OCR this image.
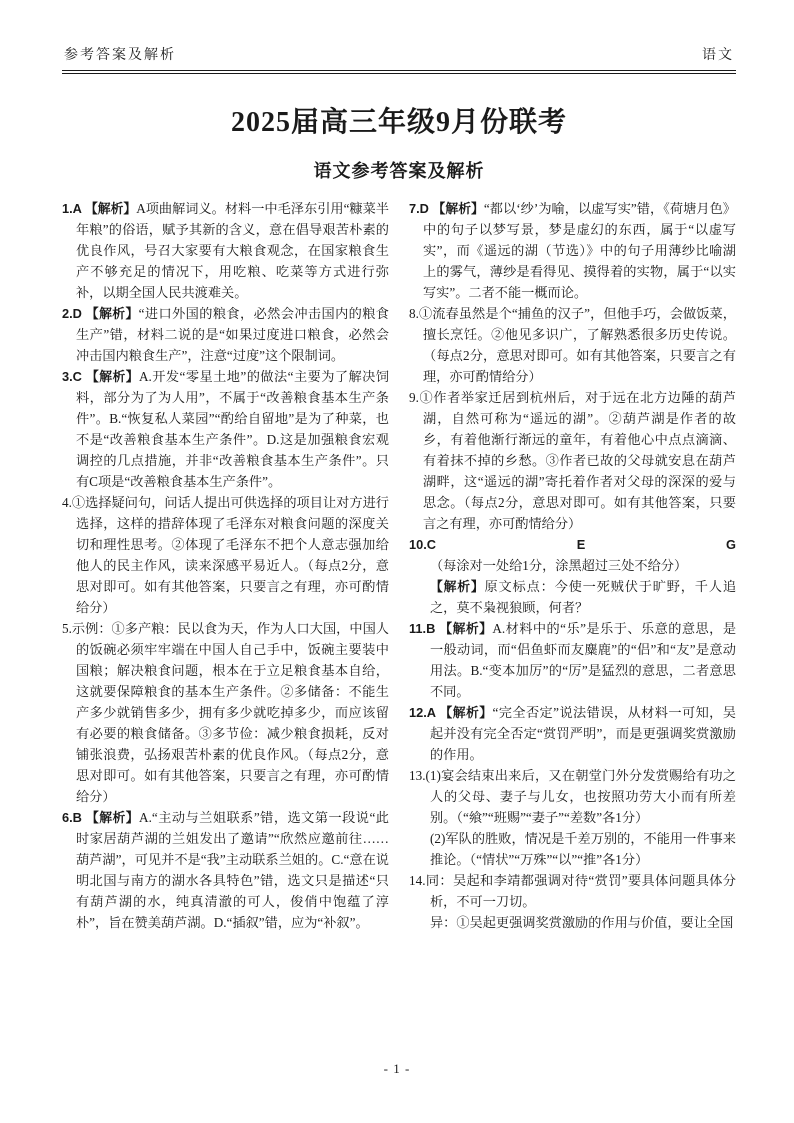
参考答案及解析	语文
2025届高三年级9月份联考
语文参考答案及解析

1.A 【解析】A项曲解词义。材料一中毛泽东引用“糠菜半年粮”的俗语，赋予其新的含义，意在倡导艰苦朴素的优良作风，号召大家要有大粮食观念，在国家粮食生产不够充足的情况下，用吃粮、吃菜等方式进行弥补，以期全国人民共渡难关。

2.D 【解析】“进口外国的粮食，必然会冲击国内的粮食生产”错，材料二说的是“如果过度进口粮食，必然会冲击国内粮食生产”，注意“过度”这个限制词。

3.C 【解析】A.开发“零星土地”的做法“主要为了解决饲料，部分为了为人用”，不属于“改善粮食基本生产条件”。B.“恢复私人菜园”“酌给自留地”是为了种菜，也不是“改善粮食基本生产条件”。D.这是加强粮食宏观调控的几点措施，并非“改善粮食基本生产条件”。只有C项是“改善粮食基本生产条件”。

4.①选择疑问句，问话人提出可供选择的项目让对方进行选择，这样的措辞体现了毛泽东对粮食问题的深度关切和理性思考。②体现了毛泽东不把个人意志强加给他人的民主作风，读来深感平易近人。（每点2分，意思对即可。如有其他答案，只要言之有理，亦可酌情给分）

5.示例：①多产粮：民以食为天，作为人口大国，中国人的饭碗必须牢牢端在中国人自己手中，饭碗主要装中国粮；解决粮食问题，根本在于立足粮食基本自给，这就要保障粮食的基本生产条件。②多储备：不能生产多少就销售多少，拥有多少就吃掉多少，而应该留有必要的粮食储备。③多节俭：减少粮食损耗，反对铺张浪费，弘扬艰苦朴素的优良作风。（每点2分，意思对即可。如有其他答案，只要言之有理，亦可酌情给分）

6.B 【解析】A.“主动与兰姐联系”错，选文第一段说“此时家居葫芦湖的兰姐发出了邀请”“欣然应邀前往……葫芦湖”，可见并不是“我”主动联系兰姐的。C.“意在说明北国与南方的湖水各具特色”错，选文只是描述“只有葫芦湖的水，纯真清澈的可人，俊俏中饱蕴了淳朴”，旨在赞美葫芦湖。D.“插叙”错，应为“补叙”。

7.D 【解析】“都以‘纱’为喻，以虚写实”错，《荷塘月色》中的句子以梦写景，梦是虚幻的东西，属于“以虚写实”，而《遥远的湖（节选）》中的句子用薄纱比喻湖上的雾气，薄纱是看得见、摸得着的实物，属于“以实写实”。二者不能一概而论。

8.①流春虽然是个“捕鱼的汉子”，但他手巧，会做饭菜，擅长烹饪。②他见多识广，了解熟悉很多历史传说。（每点2分，意思对即可。如有其他答案，只要言之有理，亦可酌情给分）

9.①作者举家迁居到杭州后，对于远在北方边陲的葫芦湖，自然可称为“遥远的湖”。②葫芦湖是作者的故乡，有着他渐行渐远的童年，有着他心中点点滴滴、有着抹不掉的乡愁。③作者已故的父母就安息在葫芦湖畔，这“遥远的湖”寄托着作者对父母的深深的爱与思念。（每点2分，意思对即可。如有其他答案，只要言之有理，亦可酌情给分）

10.C　E　G（每涂对一处给1分，涂黑超过三处不给分）

【解析】原文标点：今使一死贼伏于旷野，千人追之，莫不枭视狼顾，何者？

11.B 【解析】A.材料中的“乐”是乐于、乐意的意思，是一般动词，而“侣鱼虾而友麋鹿”的“侣”和“友”是意动用法。B.“变本加厉”的“厉”是猛烈的意思，二者意思不同。

12.A 【解析】“完全否定”说法错误，从材料一可知，吴起并没有完全否定“赏罚严明”，而是更强调奖赏激励的作用。

13.(1)宴会结束出来后，又在朝堂门外分发赏赐给有功之人的父母、妻子与儿女，也按照功劳大小而有所差别。（“飨”“班赐”“妻子”“差数”各1分）

(2)军队的胜败，情况是千差万别的，不能用一件事来推论。（“情状”“万殊”“以”“推”各1分）

14.同：吴起和李靖都强调对待“赏罚”要具体问题具体分析，不可一刀切。

异：①吴起更强调奖赏激励的作用与价值，要让全国

- 1 -
